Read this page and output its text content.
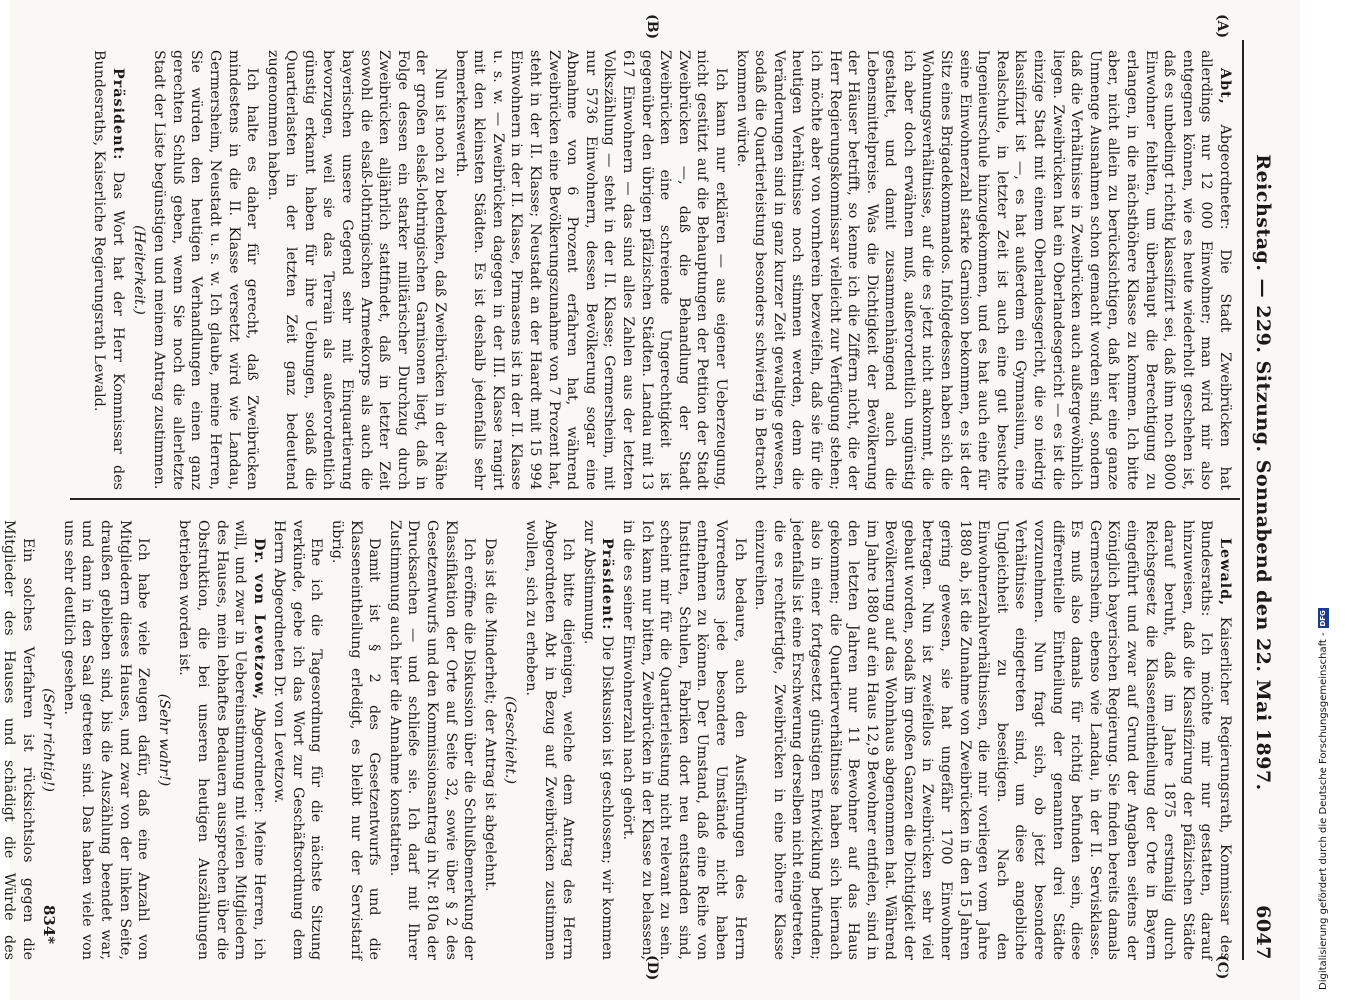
Reichstag. — 229. Sitzung. Sonnabend den 22. Mai 1897.
6047
(A)
(B)
(C)
(D)

Abt, Abgeordneter: Die Stadt Zweibrücken hat allerdings nur 12 000 Einwohner; man wird mir also entgegnen können, wie es heute wiederholt geschehen ist, daß es unbedingt richtig klassifizirt sei, daß ihm noch 8000 Einwohner fehlten, um überhaupt die Berechtigung zu erlangen, in die nächsthöhere Klasse zu kommen. Ich bitte aber, nicht allein zu berücksichtigen, daß hier eine ganze Unmenge Ausnahmen schon gemacht worden sind, sondern daß die Verhältnisse in Zweibrücken auch außergewöhnlich liegen. Zweibrücken hat ein Oberlandesgericht — es ist die einzige Stadt mit einem Oberlandesgericht, die so niedrig klassifizirt ist —, es hat außerdem ein Gymnasium, eine Realschule, in letzter Zeit ist auch eine gut besuchte Ingenieurschule hinzugekommen, und es hat auch eine für seine Einwohnerzahl starke Garnison bekommen, es ist der Sitz eines Brigadekommandos. Infolgedessen haben sich die Wohnungsverhältnisse, auf die es jetzt nicht ankommt, die ich aber doch erwähnen muß, außerordentlich ungünstig gestaltet, und damit zusammenhängend auch die Lebensmittelpreise. Was die Dichtigkeit der Bevölkerung der Häuser betrifft, so kenne ich die Ziffern nicht, die der Herr Regierungskommissar vielleicht zur Verfügung stehen; ich möchte aber von vornherein bezweifeln, daß sie für die heutigen Verhältnisse noch stimmen werden, denn die Veränderungen sind in ganz kurzer Zeit gewaltige gewesen, sodaß die Quartierleistung besonders schwierig in Betracht kommen würde.

Ich kann nur erklären — aus eigener Ueberzeugung, nicht gestützt auf die Behauptungen der Petition der Stadt Zweibrücken —, daß die Behandlung der Stadt Zweibrücken eine schreiende Ungerechtigkeit ist gegenüber den übrigen pfälzischen Städten. Landau mit 13 617 Einwohnern — das sind alles Zahlen aus der letzten Volkszählung — steht in der II. Klasse; Germersheim, mit nur 5736 Einwohnern, dessen Bevölkerung sogar eine Abnahme von 6 Prozent erfahren hat, während Zweibrücken eine Bevölkerungszunahme von 7 Prozent hat, steht in der II. Klasse; Neustadt an der Haardt mit 15 994 Einwohnern in der II. Klasse, Pirmasens ist in der II. Klasse u. s. w. — Zweibrücken dagegen in der III. Klasse rangirt mit den kleinsten Städten. Es ist deshalb jedenfalls sehr bemerkenswerth.

Nun ist noch zu bedenken, daß Zweibrücken in der Nähe der großen elsaß-lothringischen Garnisonen liegt, daß in Folge dessen ein starker militärischer Durchzug durch Zweibrücken alljährlich stattfindet, daß in letzter Zeit sowohl die elsaß-lothringischen Armeekorps als auch die bayerischen unsere Gegend sehr mit Einquartierung bevorzugen, weil sie das Terrain als außerordentlich günstig erkannt haben für ihre Uebungen, sodaß die Quartierlasten in der letzten Zeit ganz bedeutend zugenommen haben.

Ich halte es daher für gerecht, daß Zweibrücken mindestens in die II. Klasse versetzt wird wie Landau, Germersheim, Neustadt u. s. w. Ich glaube, meine Herren, Sie würden den heutigen Verhandlungen einen ganz gerechten Schluß geben, wenn Sie noch die allerletzte Stadt der Liste begünstigen und meinem Antrag zustimmen.

(Heiterkeit.)

Präsident: Das Wort hat der Herr Kommissar des Bundesraths, Kaiserliche Regierungsrath Lewald.

Lewald, Kaiserlicher Regierungsrath, Kommissar des Bundesraths: Ich möchte mir nur gestatten, darauf hinzuweisen, daß die Klassifizirung der pfälzischen Städte darauf beruht, daß im Jahre 1875 erstmalig durch Reichsgesetz die Klasseneintheilung der Orte in Bayern eingeführt und zwar auf Grund der Angaben seitens der Königlich bayerischen Regierung. Sie finden bereits damals Germersheim, ebenso wie Landau, in der II. Servisklasse. Es muß also damals für richtig befunden sein, diese differentielle Eintheilung der genannten drei Städte vorzunehmen. Nun fragt sich, ob jetzt besondere Verhältnisse eingetreten sind, um diese angebliche Ungleichheit zu beseitigen. Nach den Einwohnerzahlverhältnissen, die mir vorliegen vom Jahre 1880 ab, ist die Zunahme von Zweibrücken in den 15 Jahren gering gewesen, sie hat ungefähr 1700 Einwohner betragen. Nun ist zweifellos in Zweibrücken sehr viel gebaut worden, sodaß im großen Ganzen die Dichtigkeit der Bevölkerung auf das Wohnhaus abgenommen hat. Während im Jahre 1880 auf ein Haus 12,9 Bewohner entfielen, sind in den letzten Jahren nur 11 Bewohner auf das Haus gekommen; die Quartierverhältnisse haben sich hiernach also in einer fortgesetzt günstigen Entwicklung befunden; jedenfalls ist eine Erschwerung derselben nicht eingetreten, die es rechtfertigte, Zweibrücken in eine höhere Klasse einzureihen.

Ich bedaure, auch den Ausführungen des Herrn Vorredners jede besondere Umstände nicht haben entnehmen zu können. Der Umstand, daß eine Reihe von Instituten, Schulen, Fabriken dort neu entstanden sind, scheint mir für die Quartierleistung nicht relevant zu sein. Ich kann nur bitten, Zweibrücken in der Klasse zu belassen, in die es seiner Einwohnerzahl nach gehört.

Präsident: Die Diskussion ist geschlossen; wir kommen zur Abstimmung.

Ich bitte diejenigen, welche dem Antrag des Herrn Abgeordneten Abt in Bezug auf Zweibrücken zustimmen wollen, sich zu erheben.

(Geschieht.)

Das ist die Minderheit; der Antrag ist abgelehnt.

Ich eröffne die Diskussion über die Schlußbemerkung der Klassifikation der Orte auf Seite 32, sowie über § 2 des Gesetzentwurfs und den Kommissionsantrag in Nr. 810a der Drucksachen — und schließe sie. Ich darf mit Ihrer Zustimmung auch hier die Annahme konstatiren.

Damit ist § 2 des Gesetzentwurfs und die Klasseneintheilung erledigt, es bleibt nur der Servistarif übrig.

Ehe ich die Tagesordnung für die nächste Sitzung verkünde, gebe ich das Wort zur Geschäftsordnung dem Herrn Abgeordneten Dr. von Levetzow.

Dr. von Levetzow, Abgeordneter: Meine Herren, ich will, und zwar in Uebereinstimmung mit vielen Mitgliedern des Hauses, mein lebhaftes Bedauern aussprechen über die Obstruktion, die bei unseren heutigen Auszählungen betrieben worden ist.

(Sehr wahr!)

Ich habe viele Zeugen dafür, daß eine Anzahl von Mitgliedern dieses Hauses, und zwar von der linken Seite, draußen geblieben sind, bis die Auszählung beendet war, und dann in den Saal getreten sind. Das haben viele von uns sehr deutlich gesehen.

(Sehr richtig!)

Ein solches Verfahren ist rücksichtslos gegen die Mitglieder des Hauses und schädigt die Würde des

834*	Digitalisierung gefördert durch die Deutsche Forschungsgemeinschaft -
DFG
